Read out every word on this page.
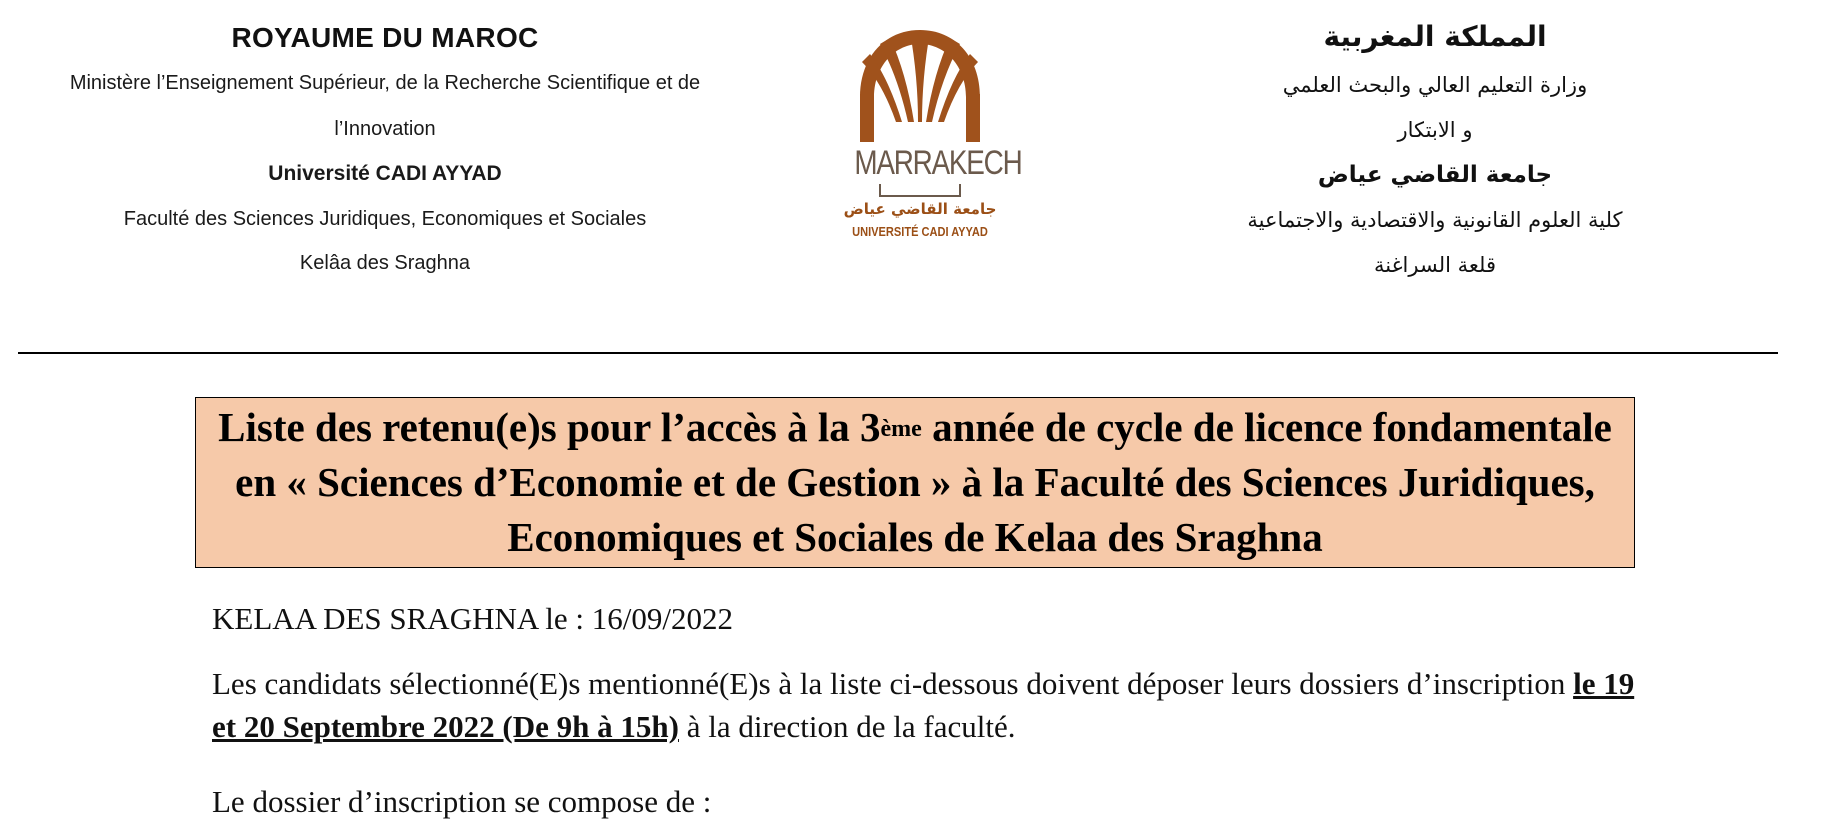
ROYAUME DU MAROC
Ministère l’Enseignement Supérieur, de la Recherche Scientifique et de
l’Innovation
Université CADI AYYAD
Faculté des Sciences Juridiques, Economiques et Sociales
Kelâa des Sraghna
MARRAKECH
جامعة القاضي عياض
UNIVERSITÉ CADI AYYAD
المملكة المغربية
وزارة التعليم العالي والبحث العلمي
و الابتكار
جامعة القاضي عياض
كلية العلوم القانونية والاقتصادية والاجتماعية
قلعة السراغنة
Liste des retenu(e)s pour l’accès à la 3ème année de cycle de licence fondamentale en « Sciences d’Economie et de Gestion » à la Faculté des Sciences Juridiques, Economiques et Sociales de Kelaa des Sraghna
KELAA DES SRAGHNA le : 16/09/2022
Les candidats sélectionné(E)s mentionné(E)s à la liste ci-dessous doivent déposer leurs dossiers d’inscription le 19 et 20 Septembre 2022 (De 9h à 15h) à la direction de la faculté.
Le dossier d’inscription se compose de :
